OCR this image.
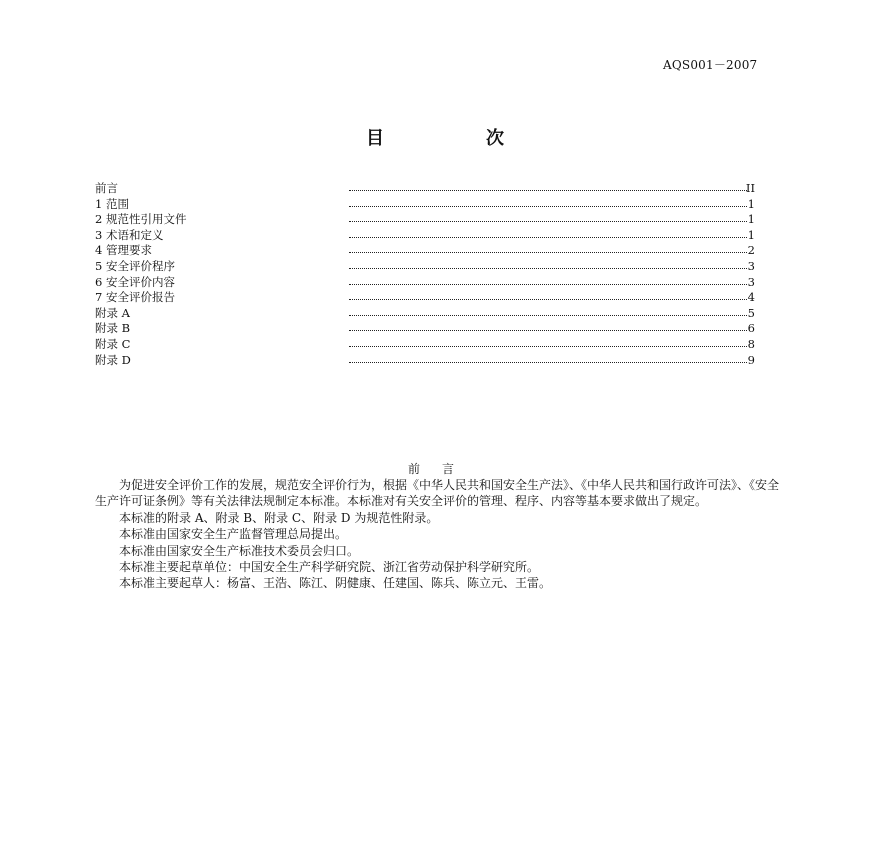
AQS001－2007
目	次
前言	II
1 范围	1
2 规范性引用文件	1
3 术语和定义	1
4 管理要求	2
5 安全评价程序	3
6 安全评价内容	3
7 安全评价报告	4
附录 A	5
附录 B	6
附录 C	8
附录 D	9
前言

为促进安全评价工作的发展，规范安全评价行为，根据《中华人民共和国安全生产法》、《中华人民共和国行政许可法》、《安全生产许可证条例》等有关法律法规制定本标准。本标准对有关安全评价的管理、程序、内容等基本要求做出了规定。

本标准的附录 A、附录 B、附录 C、附录 D 为规范性附录。

本标准由国家安全生产监督管理总局提出。

本标准由国家安全生产标准技术委员会归口。

本标准主要起草单位：中国安全生产科学研究院、浙江省劳动保护科学研究所。

本标准主要起草人：杨富、王浩、陈江、阴健康、任建国、陈兵、陈立元、王雷。
